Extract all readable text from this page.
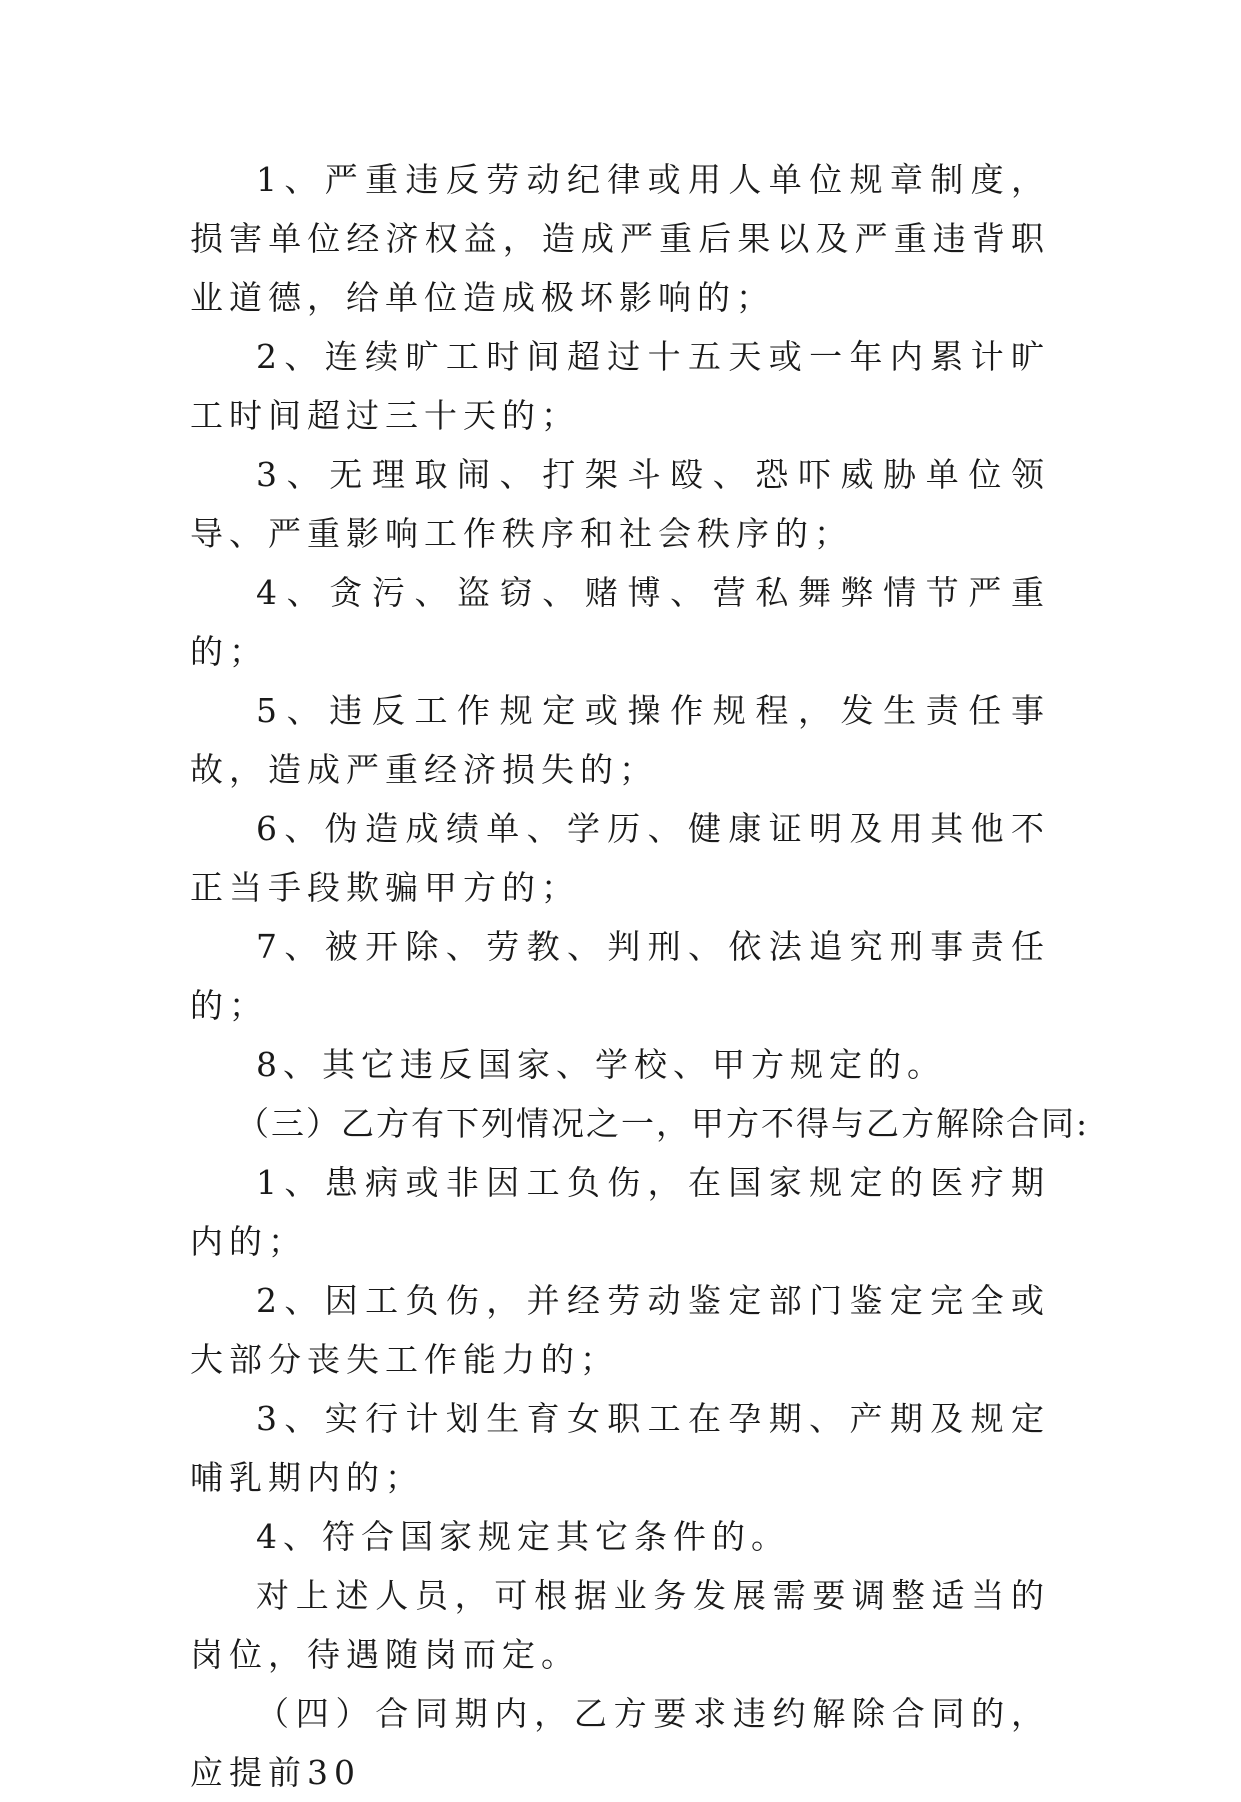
1、严重违反劳动纪律或用人单位规章制度，损害单位经济权益，造成严重后果以及严重违背职业道德，给单位造成极坏影响的；

2、连续旷工时间超过十五天或一年内累计旷工时间超过三十天的；

3、无理取闹、打架斗殴、恐吓威胁单位领导、严重影响工作秩序和社会秩序的；

4、贪污、盗窃、赌博、营私舞弊情节严重的；

5、违反工作规定或操作规程，发生责任事故，造成严重经济损失的；

6、伪造成绩单、学历、健康证明及用其他不正当手段欺骗甲方的；

7、被开除、劳教、判刑、依法追究刑事责任的；

8、其它违反国家、学校、甲方规定的。

（三）乙方有下列情况之一，甲方不得与乙方解除合同:

1、患病或非因工负伤，在国家规定的医疗期内的；

2、因工负伤，并经劳动鉴定部门鉴定完全或大部分丧失工作能力的；

3、实行计划生育女职工在孕期、产期及规定哺乳期内的；

4、符合国家规定其它条件的。

对上述人员，可根据业务发展需要调整适当的岗位，待遇随岗而定。

（四）合同期内，乙方要求违约解除合同的，应提前30
